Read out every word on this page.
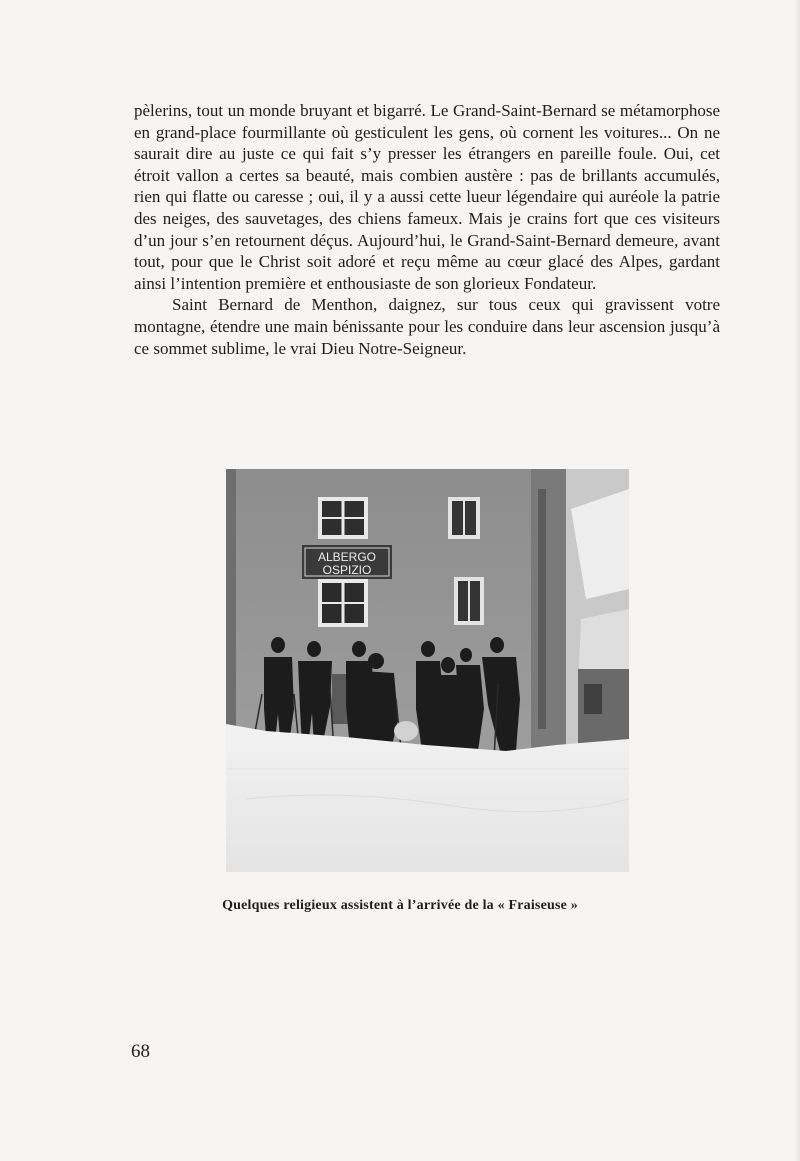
pèlerins, tout un monde bruyant et bigarré. Le Grand-Saint-Bernard se métamorphose en grand-place fourmillante où gesticulent les gens, où cornent les voitures... On ne saurait dire au juste ce qui fait s’y presser les étrangers en pareille foule. Oui, cet étroit vallon a certes sa beauté, mais combien austère : pas de brillants accumulés, rien qui flatte ou caresse ; oui, il y a aussi cette lueur légendaire qui auréole la patrie des neiges, des sauvetages, des chiens fameux. Mais je crains fort que ces visiteurs d’un jour s’en retournent déçus. Aujourd’hui, le Grand-Saint-Bernard demeure, avant tout, pour que le Christ soit adoré et reçu même au cœur glacé des Alpes, gardant ainsi l’intention première et enthousiaste de son glorieux Fondateur.

Saint Bernard de Menthon, daignez, sur tous ceux qui gravissent votre montagne, étendre une main bénissante pour les conduire dans leur ascension jusqu’à ce sommet sublime, le vrai Dieu Notre-Seigneur.

ALBERGO
OSPIZIO
Quelques religieux assistent à l’arrivée de la « Fraiseuse »
68
